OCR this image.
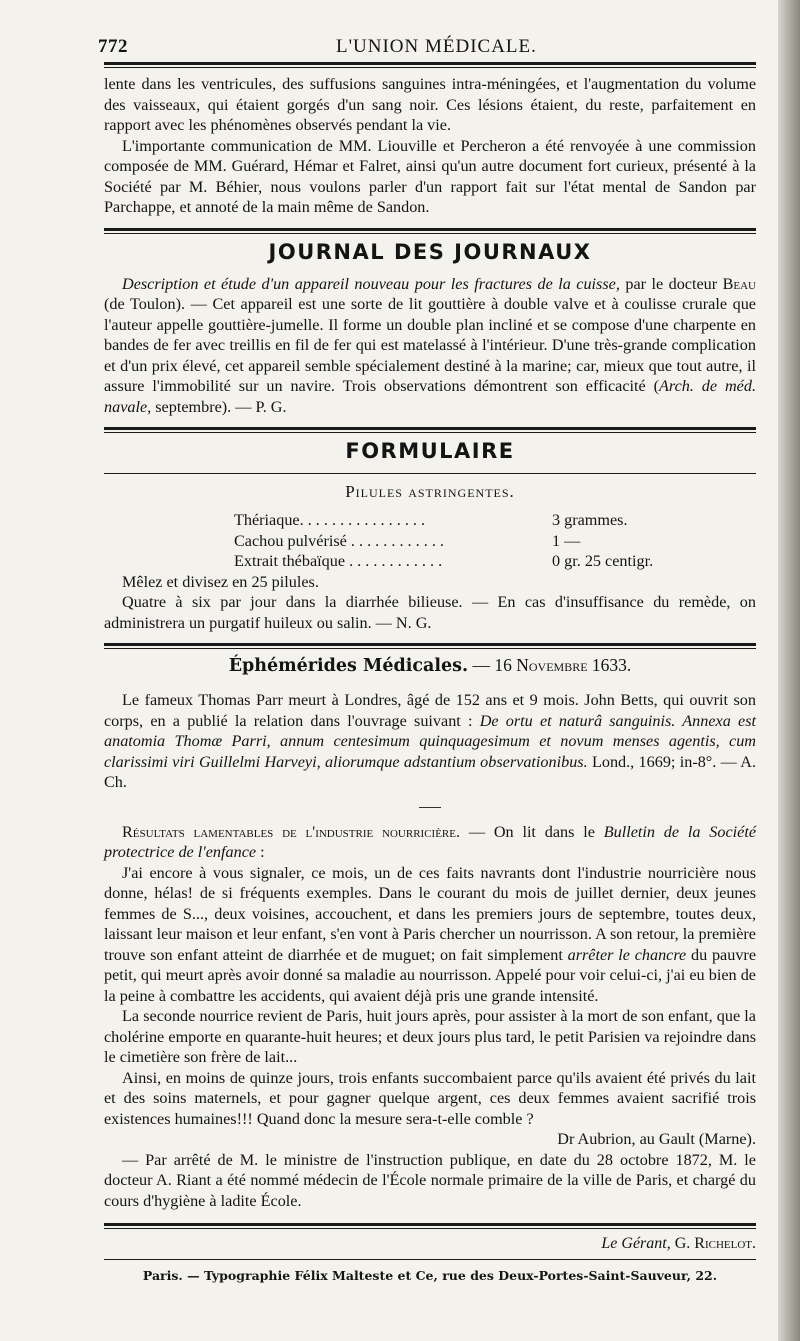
772	L'UNION MÉDICALE.

lente dans les ventricules, des suffusions sanguines intra-méningées, et l'augmentation du volume des vaisseaux, qui étaient gorgés d'un sang noir. Ces lésions étaient, du reste, parfaitement en rapport avec les phénomènes observés pendant la vie.

L'importante communication de MM. Liouville et Percheron a été renvoyée à une commission composée de MM. Guérard, Hémar et Falret, ainsi qu'un autre document fort curieux, présenté à la Société par M. Béhier, nous voulons parler d'un rapport fait sur l'état mental de Sandon par Parchappe, et annoté de la main même de Sandon.

JOURNAL DES JOURNAUX

Description et étude d'un appareil nouveau pour les fractures de la cuisse, par le docteur Beau (de Toulon). — Cet appareil est une sorte de lit gouttière à double valve et à coulisse crurale que l'auteur appelle gouttière-jumelle. Il forme un double plan incliné et se compose d'une charpente en bandes de fer avec treillis en fil de fer qui est matelassé à l'intérieur. D'une très-grande complication et d'un prix élevé, cet appareil semble spécialement destiné à la marine; car, mieux que tout autre, il assure l'immobilité sur un navire. Trois observations démontrent son efficacité (Arch. de méd. navale, septembre). — P. G.

FORMULAIRE
Pilules astringentes.
Thériaque. . . . . . . . . . . . . . . .	3 grammes.
Cachou pulvérisé . . . . . . . . . . . .	1 —
Extrait thébaïque . . . . . . . . . . . .	0 gr. 25 centigr.

Mêlez et divisez en 25 pilules.

Quatre à six par jour dans la diarrhée bilieuse. — En cas d'insuffisance du remède, on administrera un purgatif huileux ou salin. — N. G.

Éphémérides Médicales. — 16 Novembre 1633.

Le fameux Thomas Parr meurt à Londres, âgé de 152 ans et 9 mois. John Betts, qui ouvrit son corps, en a publié la relation dans l'ouvrage suivant : De ortu et naturâ sanguinis. Annexa est anatomia Thomæ Parri, annum centesimum quinquagesimum et novum menses agentis, cum clarissimi viri Guillelmi Harveyi, aliorumque adstantium observationibus. Lond., 1669; in-8°. — A. Ch.

Résultats lamentables de l'industrie nourricière. — On lit dans le Bulletin de la Société protectrice de l'enfance :

J'ai encore à vous signaler, ce mois, un de ces faits navrants dont l'industrie nourricière nous donne, hélas! de si fréquents exemples. Dans le courant du mois de juillet dernier, deux jeunes femmes de S..., deux voisines, accouchent, et dans les premiers jours de septembre, toutes deux, laissant leur maison et leur enfant, s'en vont à Paris chercher un nourrisson. A son retour, la première trouve son enfant atteint de diarrhée et de muguet; on fait simplement arrêter le chancre du pauvre petit, qui meurt après avoir donné sa maladie au nourrisson. Appelé pour voir celui-ci, j'ai eu bien de la peine à combattre les accidents, qui avaient déjà pris une grande intensité.

La seconde nourrice revient de Paris, huit jours après, pour assister à la mort de son enfant, que la cholérine emporte en quarante-huit heures; et deux jours plus tard, le petit Parisien va rejoindre dans le cimetière son frère de lait...

Ainsi, en moins de quinze jours, trois enfants succombaient parce qu'ils avaient été privés du lait et des soins maternels, et pour gagner quelque argent, ces deux femmes avaient sacrifié trois existences humaines!!! Quand donc la mesure sera-t-elle comble ?

Dr Aubrion, au Gault (Marne).

— Par arrêté de M. le ministre de l'instruction publique, en date du 28 octobre 1872, M. le docteur A. Riant a été nommé médecin de l'École normale primaire de la ville de Paris, et chargé du cours d'hygiène à ladite École.

Le Gérant, G. Richelot.
Paris. — Typographie Félix Malteste et Ce, rue des Deux-Portes-Saint-Sauveur, 22.
